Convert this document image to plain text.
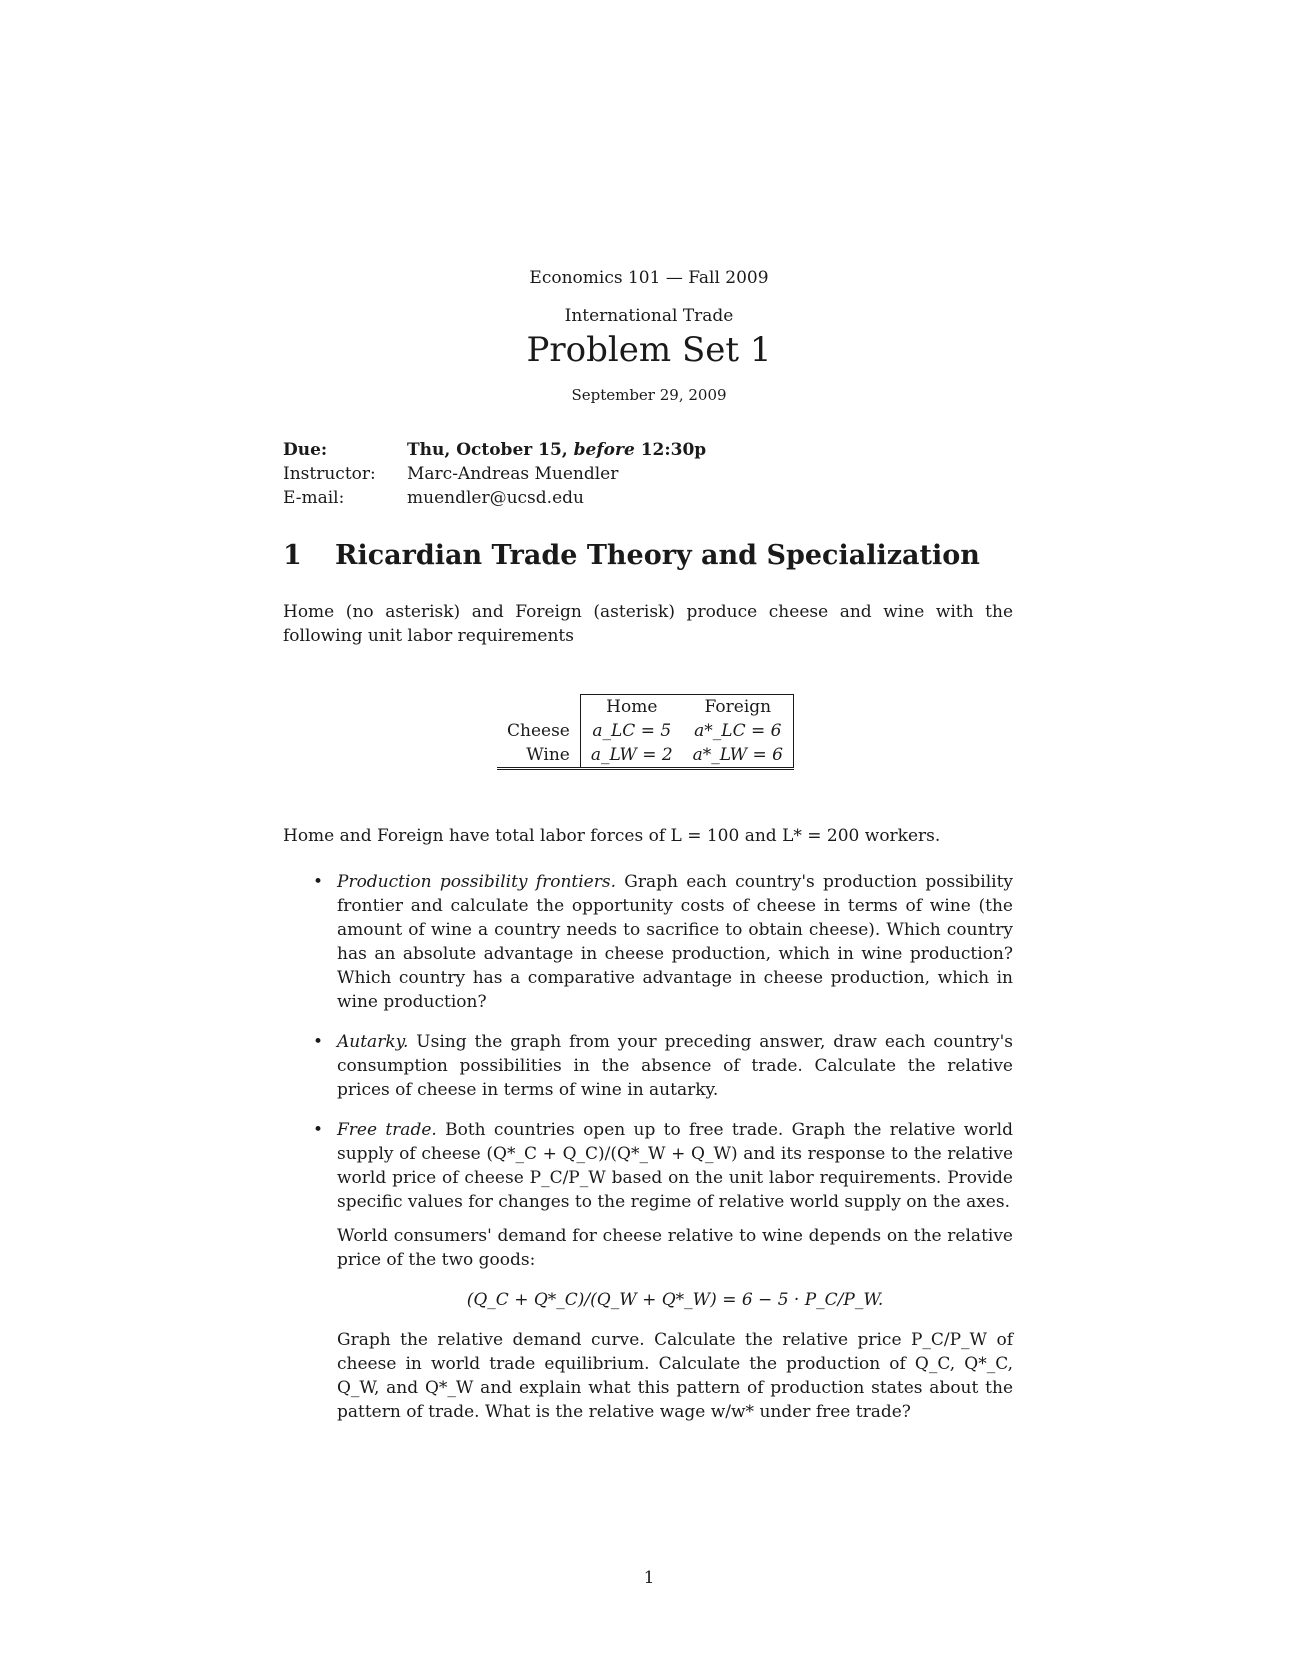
Economics 101 — Fall 2009
International Trade
Problem Set 1
September 29, 2009
Due:	Thu, October 15, before 12:30p
Instructor: Marc-Andreas Muendler
E-mail:	muendler@ucsd.edu
1 Ricardian Trade Theory and Specialization
Home (no asterisk) and Foreign (asterisk) produce cheese and wine with the following unit labor requirements
	Home	Foreign
Cheese	a_LC = 5	a*_LC = 6
Wine	a_LW = 2	a*_LW = 6
Home and Foreign have total labor forces of L = 100 and L* = 200 workers.
• Production possibility frontiers. Graph each country's production possibility frontier and calculate the opportunity costs of cheese in terms of wine (the amount of wine a country needs to sacrifice to obtain cheese). Which country has an absolute advantage in cheese production, which in wine production? Which country has a comparative advantage in cheese production, which in wine production?
• Autarky. Using the graph from your preceding answer, draw each country's consumption possibilities in the absence of trade. Calculate the relative prices of cheese in terms of wine in autarky.
• Free trade. Both countries open up to free trade. Graph the relative world supply of cheese (Q*_C + Q_C)/(Q*_W + Q_W) and its response to the relative world price of cheese P_C/P_W based on the unit labor requirements. Provide specific values for changes to the regime of relative world supply on the axes.

World consumers' demand for cheese relative to wine depends on the relative price of the two goods:

(Q_C + Q*_C)/(Q_W + Q*_W) = 6 − 5 · P_C/P_W.

Graph the relative demand curve. Calculate the relative price P_C/P_W of cheese in world trade equilibrium. Calculate the production of Q_C, Q*_C, Q_W, and Q*_W and explain what this pattern of production states about the pattern of trade. What is the relative wage w/w* under free trade?

1
